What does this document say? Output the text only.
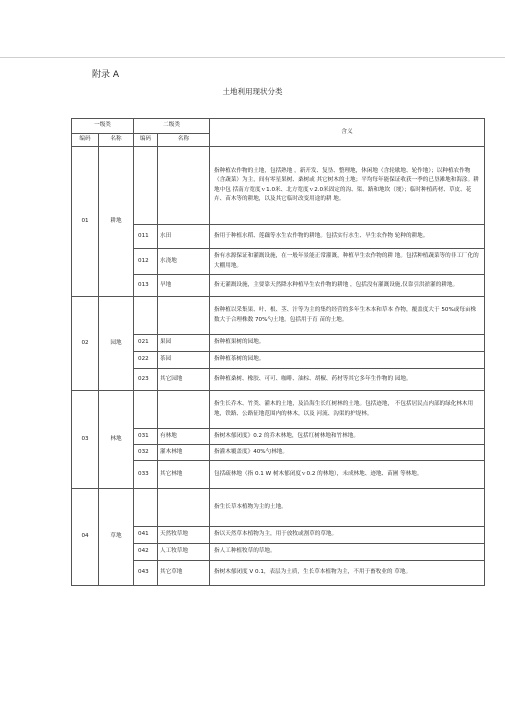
附录 A
土地利用现状分类
一级类		二级类		含义
编码	名称	编码	名称	
01	耕地			指种植农作物的土地，包括熟地 ，新开发、复垦、整理地，休闲地（含轮歇地、轮作地）；以种植农作物（含蔬菜）为主，间有零星果树、桑树或 其它树木的土地；平均每年能保证收获一季的已垦滩地和海涂。耕地中包 括南方宽度ｖ1.0米、北方宽度ｖ2.0米固定的沟、渠、路和地坎（埂）；临时种植药材、草皮、花卉、苗木等的耕地，以及其它临时改变用途的耕 地。
		011	水田	指用于种植水稻、莲藕等水生农作物的耕地。包括实行水生、旱生农作物 轮种的耕地。
		012	水浇地	指有水源保证和灌溉设施，在一般年景能正常灌溉，种植旱生农作物的耕 地。包括种植蔬菜等的非工厂化的大棚用地。
		013	旱地	指无灌溉设施，主要靠天然降水种植旱生农作物的耕地 ，包括没有灌溉设施,仅靠引洪淤灌的耕地。
02	园地			指种植以采集果、叶、根、茎、汁等为主的集约经营的多年生木本和草本 作物，覆盖度大于 50%或每亩株数大于合理株数 70%勺土地。包括用于育 苗的土地。
		021	果园	指种植果树的园地。
		022	茶园	指种植茶树的园地。
		023	其它园地	指种植桑树、橡胶、可可、咖啡、油棕、胡椒、药材等其它多年生作物的 园地。
03	林地			指生长乔木、竹类、灌木的土地，及沿海生长红树林的土地。包括迹地， 不包括居民点内部的绿化林木用地，铁路、公路征地范围内的林木，以及 河流、沟渠的护堤林。
		031	有林地	指树木郁闭度》0.2 的乔木林地，包括红树林地和竹林地。
		032	灌木林地	指灌木覆盖度》40%勺林地。
		033	其它林地	包括疏林地（指 0.1 W 树木郁闭度ｖ0.2 的林地），未成林地、迹地、苗圃 等林地。
04	草地			指生长草本植物为主的土地。
		041	天然牧草地	指以天然草本植物为主，用于放牧或割草的草地。
		042	人工牧草地	指人工种植牧草的草地。
		043	其它草地	指树木郁闭度 V 0.1，表层为土质，生长草本植物为主，不用于畜牧业的 草地。
